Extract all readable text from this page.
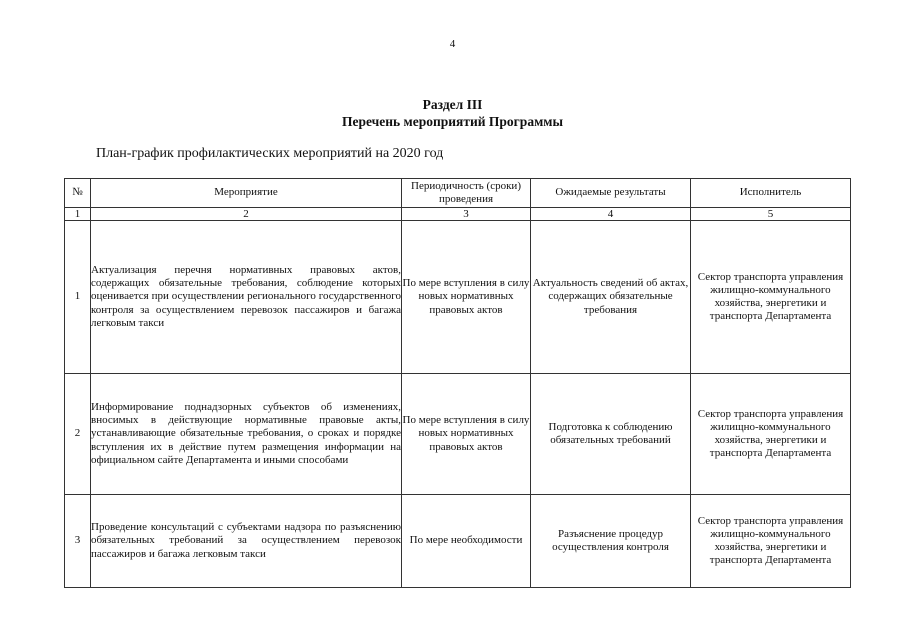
4
Раздел III
Перечень мероприятий Программы
План-график профилактических мероприятий на 2020 год
№	Мероприятие	Периодичность (сроки) проведения	Ожидаемые результаты	Исполнитель
1	2	3	4	5
1	Актуализация перечня нормативных правовых актов, содержащих обязательные требования, соблюдение которых оценивается при осуществлении регионального государственного контроля за осуществлением перевозок пассажиров и багажа легковым такси	По мере вступления в силу новых нормативных правовых актов	Актуальность сведений об актах, содержащих обязательные требования	Сектор транспорта управления жилищно-коммунального хозяйства, энергетики и транспорта Департамента
2	Информирование поднадзорных субъектов об изменениях, вносимых в действующие нормативные правовые акты, устанавливающие обязательные требования, о сроках и порядке вступления их в действие путем размещения информации на официальном сайте Департамента и иными способами	По мере вступления в силу новых нормативных правовых актов	Подготовка к соблюдению обязательных требований	Сектор транспорта управления жилищно-коммунального хозяйства, энергетики и транспорта Департамента
3	Проведение консультаций с субъектами надзора по разъяснению обязательных требований за осуществлением перевозок пассажиров и багажа легковым такси	По мере необходимости	Разъяснение процедур осуществления контроля	Сектор транспорта управления жилищно-коммунального хозяйства, энергетики и транспорта Департамента
